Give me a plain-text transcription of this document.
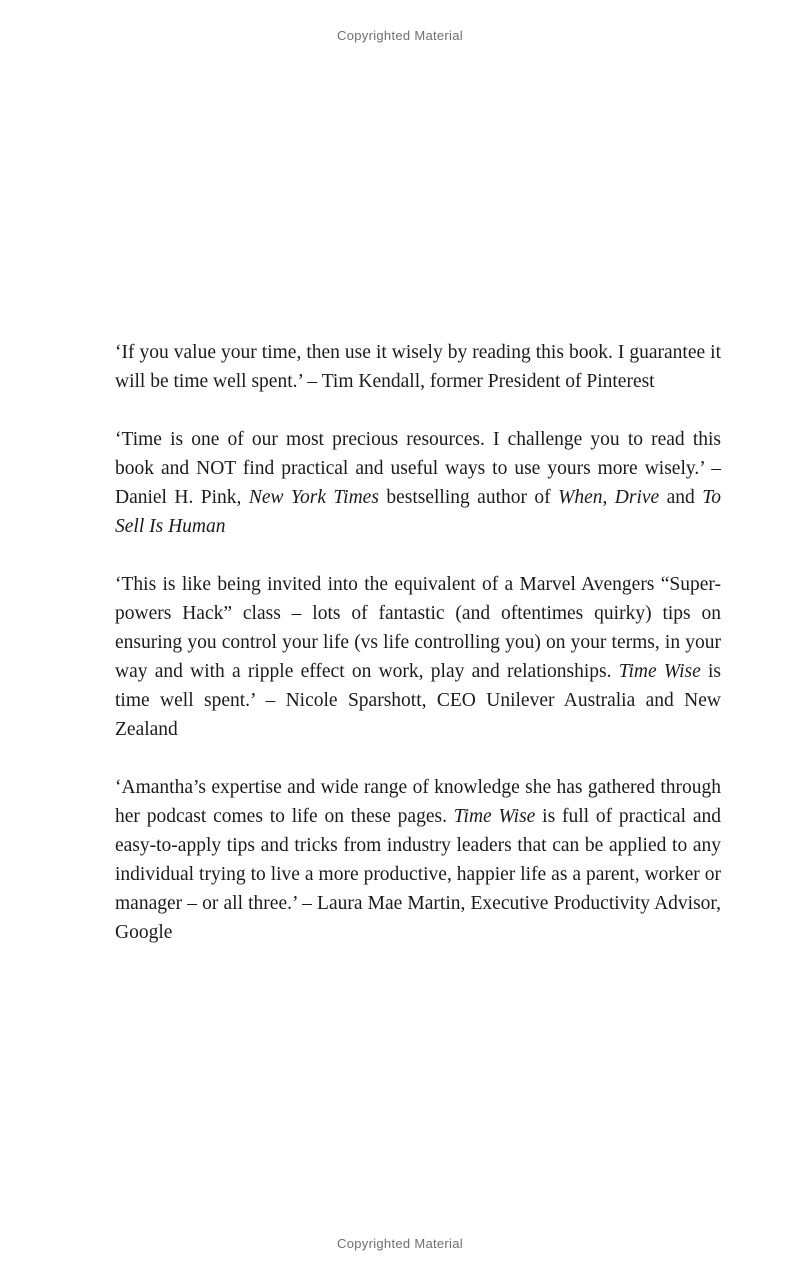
Copyrighted Material

‘If you value your time, then use it wisely by reading this book. I guarantee it will be time well spent.’ – Tim Kendall, former President of Pinterest

‘Time is one of our most precious resources. I challenge you to read this book and NOT find practical and useful ways to use yours more wisely.’ – Daniel H. Pink, New York Times bestselling author of When, Drive and To Sell Is Human

‘This is like being invited into the equivalent of a Marvel Avengers “Super-powers Hack” class – lots of fantastic (and oftentimes quirky) tips on ensuring you control your life (vs life controlling you) on your terms, in your way and with a ripple effect on work, play and relationships. Time Wise is time well spent.’ – Nicole Sparshott, CEO Unilever Australia and New Zealand

‘Amantha’s expertise and wide range of knowledge she has gathered through her podcast comes to life on these pages. Time Wise is full of practical and easy-to-apply tips and tricks from industry leaders that can be applied to any individual trying to live a more productive, happier life as a parent, worker or manager – or all three.’ – Laura Mae Martin, Executive Productivity Advisor, Google

Copyrighted Material
